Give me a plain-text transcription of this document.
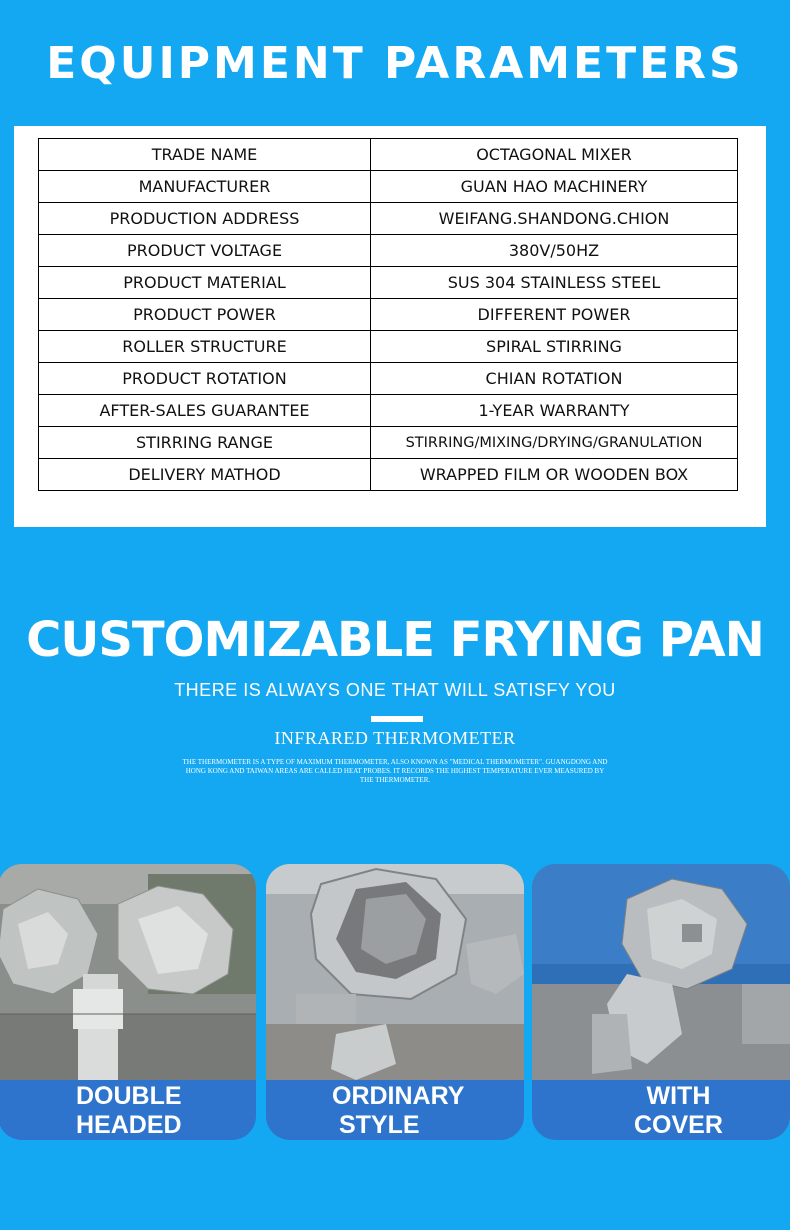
EQUIPMENT PARAMETERS
TRADE NAME	OCTAGONAL MIXER
MANUFACTURER	GUAN HAO MACHINERY
PRODUCTION ADDRESS	WEIFANG.SHANDONG.CHION
PRODUCT VOLTAGE	380V/50HZ
PRODUCT MATERIAL	SUS 304 STAINLESS STEEL
PRODUCT POWER	DIFFERENT POWER
ROLLER STRUCTURE	SPIRAL STIRRING
PRODUCT ROTATION	CHIAN ROTATION
AFTER-SALES GUARANTEE	1-YEAR WARRANTY
STIRRING RANGE	STIRRING/MIXING/DRYING/GRANULATION
DELIVERY MATHOD	WRAPPED FILM OR WOODEN BOX
CUSTOMIZABLE FRYING PAN
THERE IS ALWAYS ONE THAT WILL SATISFY YOU
INFRARED THERMOMETER
THE THERMOMETER IS A TYPE OF MAXIMUM THERMOMETER, ALSO KNOWN AS "MEDICAL THERMOMETER". GUANGDONG AND HONG KONG AND TAIWAN AREAS ARE CALLED HEAT PROBES. IT RECORDS THE HIGHEST TEMPERATURE EVER MEASURED BY THE THERMOMETER.
DOUBLE
HEADED
ORDINARY
STYLE
WITH
COVER
